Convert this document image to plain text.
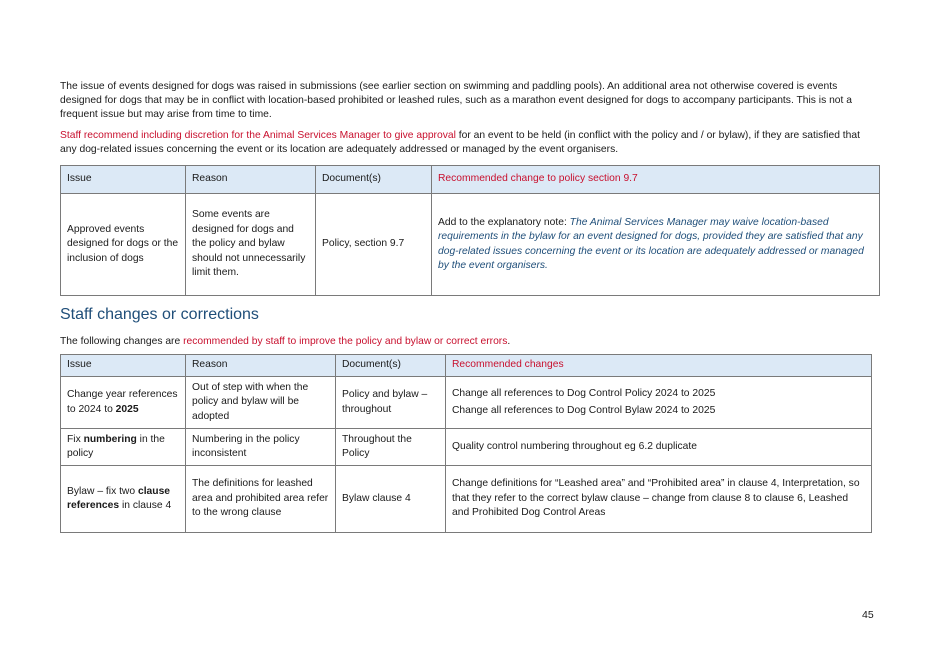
The issue of events designed for dogs was raised in submissions (see earlier section on swimming and paddling pools). An additional area not otherwise covered is events designed for dogs that may be in conflict with location-based prohibited or leashed rules, such as a marathon event designed for dogs to accompany participants. This is not a frequent issue but may arise from time to time.

Staff recommend including discretion for the Animal Services Manager to give approval for an event to be held (in conflict with the policy and / or bylaw), if they are satisfied that any dog-related issues concerning the event or its location are adequately addressed or managed by the event organisers.

Issue	Reason	Document(s)	Recommended change to policy section 9.7
Approved events designed for dogs or the inclusion of dogs	Some events are designed for dogs and the policy and bylaw should not unnecessarily limit them.	Policy, section 9.7	Add to the explanatory note: The Animal Services Manager may waive location-based requirements in the bylaw for an event designed for dogs, provided they are satisfied that any dog-related issues concerning the event or its location are adequately addressed or managed by the event organisers.
Staff changes or corrections

The following changes are recommended by staff to improve the policy and bylaw or correct errors.

Issue	Reason	Document(s)	Recommended changes
Change year references to 2024 to 2025	Out of step with when the policy and bylaw will be adopted	Policy and bylaw – throughout	Change all references to Dog Control Policy 2024 to 2025
Change all references to Dog Control Bylaw 2024 to 2025

Fix numbering in the policy	Numbering in the policy inconsistent	Throughout the Policy	Quality control numbering throughout eg 6.2 duplicate
Bylaw – fix two clause references in clause 4	The definitions for leashed area and prohibited area refer to the wrong clause	Bylaw clause 4	Change definitions for “Leashed area” and “Prohibited area” in clause 4, Interpretation, so that they refer to the correct bylaw clause – change from clause 8 to clause 6, Leashed and Prohibited Dog Control Areas
45
